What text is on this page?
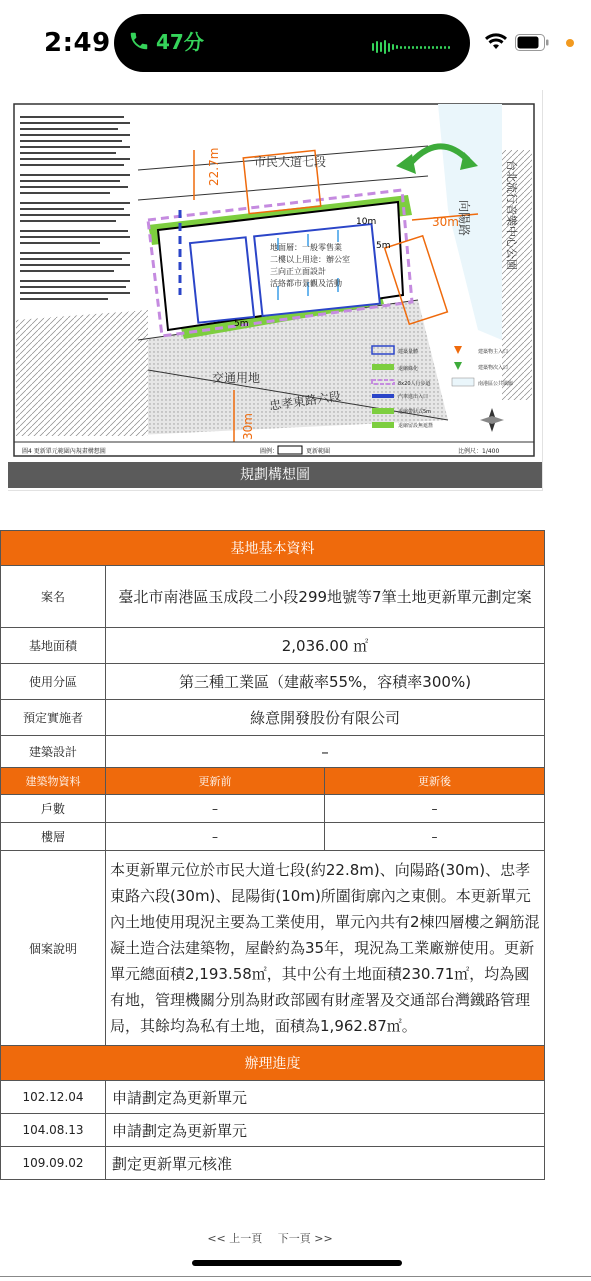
2:49 47分
22.7m
30m
30m
10m
5m
5m
市民大道七段
交通用地
忠孝東路六段
向陽路	台北流行音樂中心公園
地面層：一般零售業
二樓以上用途：辦公室
三向正立面設計
活絡都市景觀及活動
建築量體
退縮綠化
8x20人行步道
汽車進出入口
退縮帶狀式5m
退縮留設無遮簷
建築物主入口
建築物次入口
南港區公共風廊
圖4 更新單元範圍內規畫構想圖	圖例：	更新範圍	比例尺：1/400
規劃構想圖
基地基本資料		
案名	臺北市南港區玉成段二小段299地號等7筆土地更新單元劃定案	
基地面積	2,036.00 ㎡	
使用分區	第三種工業區（建蔽率55%，容積率300%)	
預定實施者	綠意開發股份有限公司	
建築設計	–	
建築物資料	更新前	更新後
戶數	–	–
樓層	–	–
個案說明	本更新單元位於市民大道七段(約22.8m)、向陽路(30m)、忠孝東路六段(30m)、昆陽街(10m)所圍街廓內之東側。本更新單元內土地使用現況主要為工業使用，單元內共有2棟四層樓之鋼筋混凝土造合法建築物，屋齡約為35年，現況為工業廠辦使用。更新單元總面積2,193.58㎡，其中公有土地面積230.71㎡，均為國有地，管理機關分別為財政部國有財產署及交通部台灣鐵路管理局，其餘均為私有土地，面積為1,962.87㎡。	
辦理進度		
102.12.04	申請劃定為更新單元	
104.08.13	申請劃定為更新單元	
109.09.02	劃定更新單元核准	
<< 上一頁 下一頁 >>
